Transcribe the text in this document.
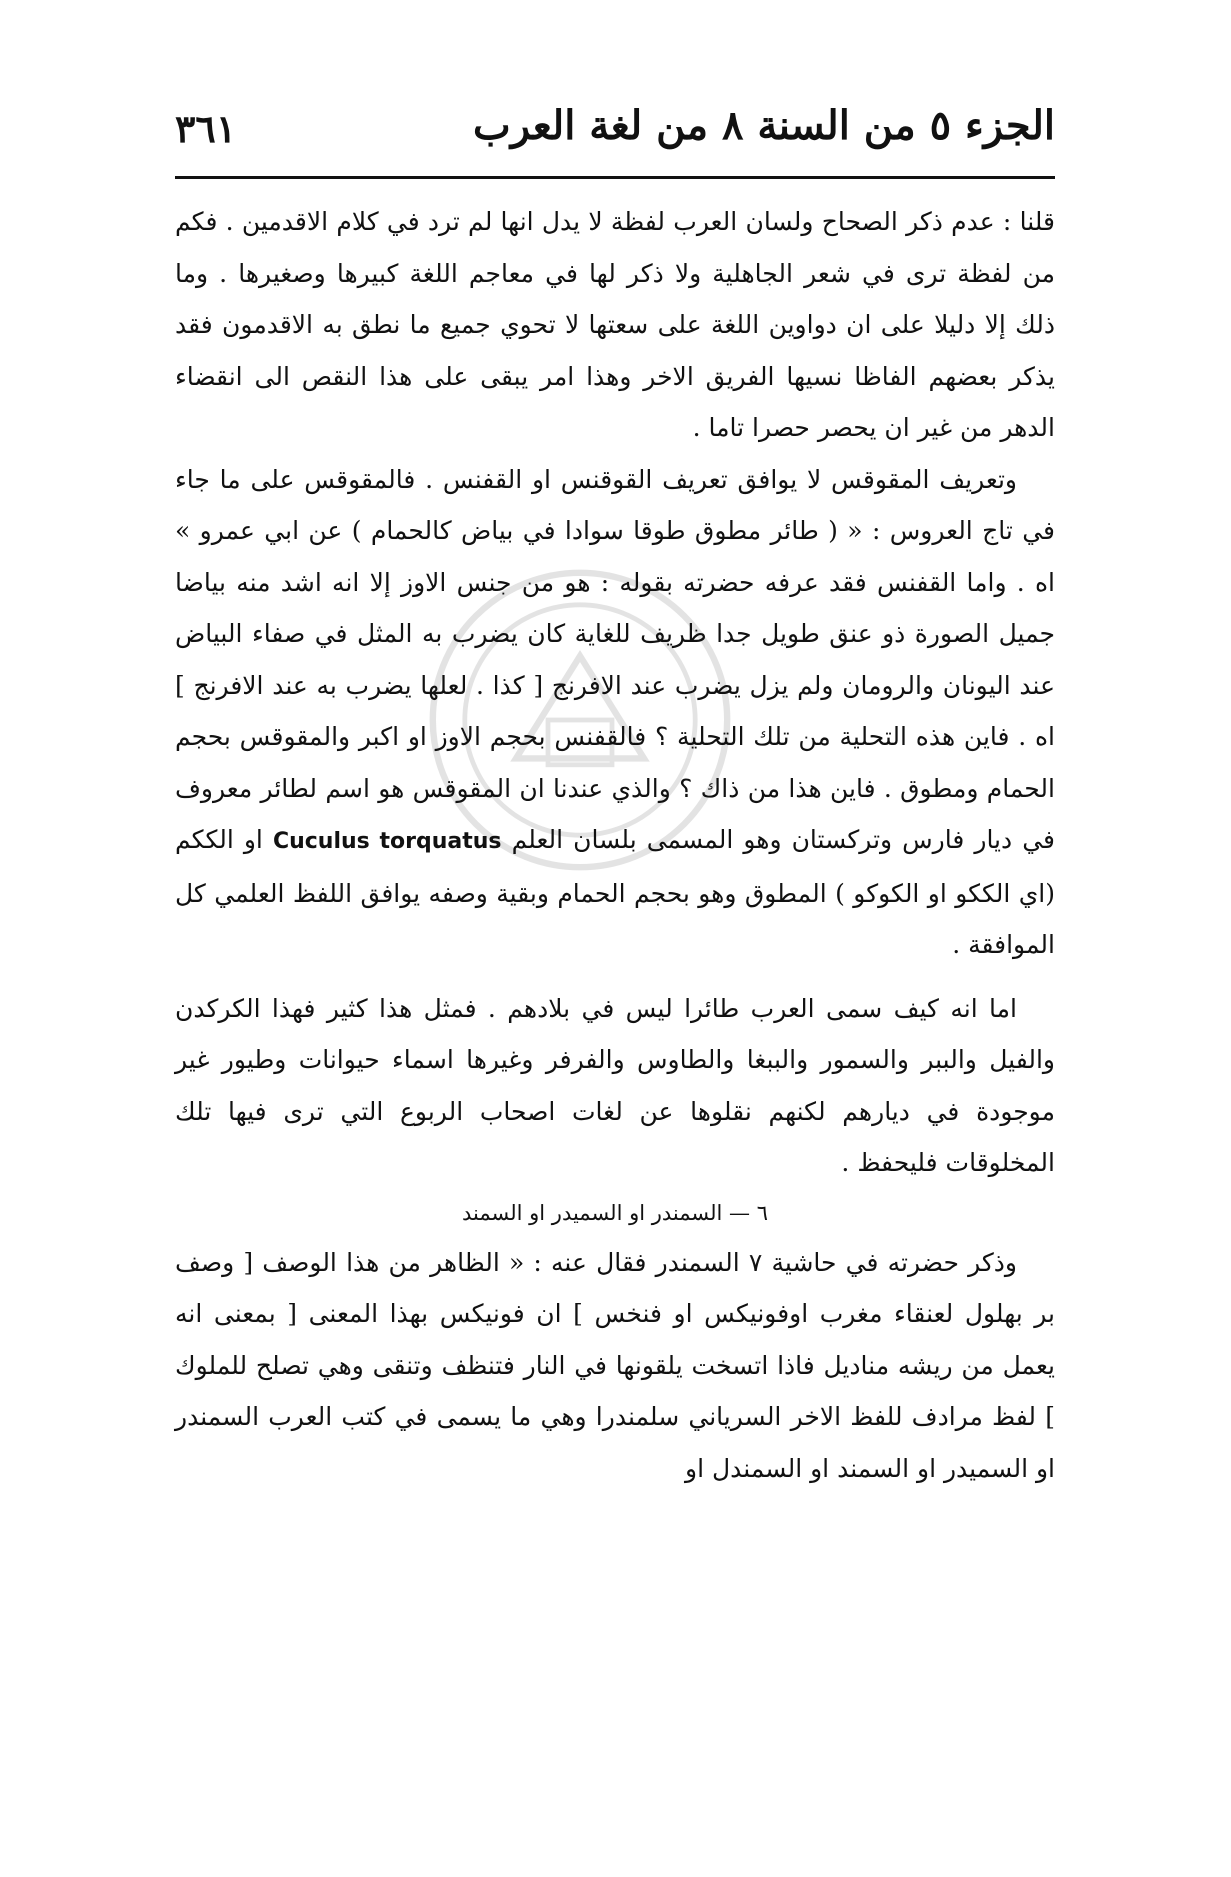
الجزء ٥ من السنة ٨ من لغة العرب
٣٦١

قلنا : عدم ذكر الصحاح ولسان العرب لفظة لا يدل انها لم ترد في كلام الاقدمين . فكم من لفظة ترى في شعر الجاهلية ولا ذكر لها في معاجم اللغة كبيرها وصغيرها . وما ذلك إلا دليلا على ان دواوين اللغة على سعتها لا تحوي جميع ما نطق به الاقدمون فقد يذكر بعضهم الفاظا نسيها الفريق الاخر وهذا امر يبقى على هذا النقص الى انقضاء الدهر من غير ان يحصر حصرا تاما .

وتعريف المقوقس لا يوافق تعريف القوقنس او القفنس . فالمقوقس على ما جاء في تاج العروس : « ( طائر مطوق طوقا سوادا في بياض كالحمام ) عن ابي عمرو » اه . واما القفنس فقد عرفه حضرته بقوله : هو من جنس الاوز إلا انه اشد منه بياضا جميل الصورة ذو عنق طويل جدا ظريف للغاية كان يضرب به المثل في صفاء البياض عند اليونان والرومان ولم يزل يضرب عند الافرنج [ كذا . لعلها يضرب به عند الافرنج ] اه . فاين هذه التحلية من تلك التحلية ؟ فالقفنس بحجم الاوز او اكبر والمقوقس بحجم الحمام ومطوق . فاين هذا من ذاك ؟ والذي عندنا ان المقوقس هو اسم لطائر معروف في ديار فارس وتركستان وهو المسمى بلسان العلم Cuculus torquatus او الككم (اي الككو او الكوكو ) المطوق وهو بحجم الحمام وبقية وصفه يوافق اللفظ العلمي كل الموافقة .

اما انه كيف سمى العرب طائرا ليس في بلادهم . فمثل هذا كثير فهذا الكركدن والفيل والببر والسمور والببغا والطاوس والفرفر وغيرها اسماء حيوانات وطيور غير موجودة في ديارهم لكنهم نقلوها عن لغات اصحاب الربوع التي ترى فيها تلك المخلوقات فليحفظ .

٦ — السمندر او السميدر او السمند

وذكر حضرته في حاشية ٧ السمندر فقال عنه : « الظاهر من هذا الوصف [ وصف بر بهلول لعنقاء مغرب اوفونيكس او فنخس ] ان فونيكس بهذا المعنى [ بمعنى انه يعمل من ريشه مناديل فاذا اتسخت يلقونها في النار فتنظف وتنقى وهي تصلح للملوك ] لفظ مرادف للفظ الاخر السرياني سلمندرا وهي ما يسمى في كتب العرب السمندر او السميدر او السمند او السمندل او
